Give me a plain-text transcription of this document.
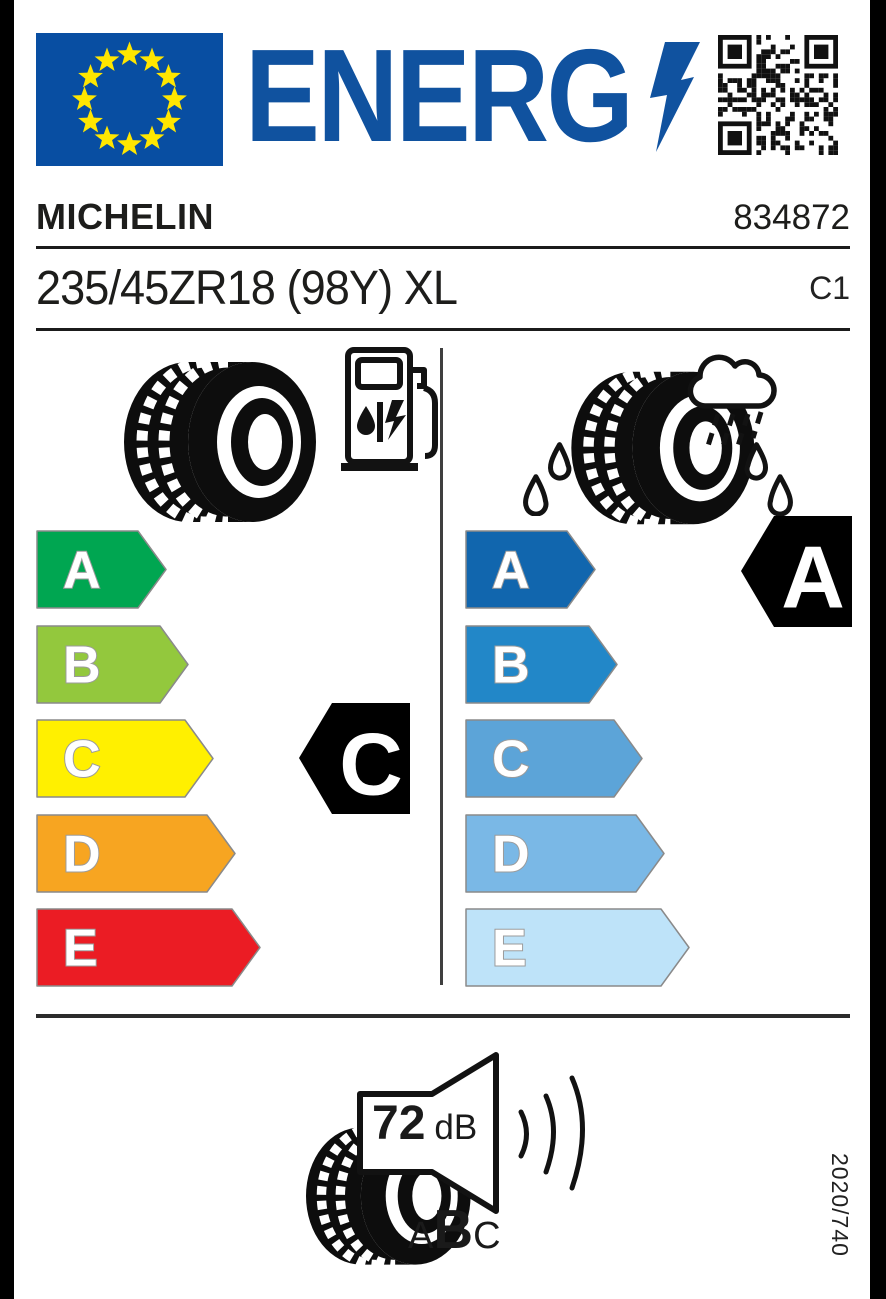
ENERG
MICHELIN	834872
235/45ZR18 (98Y) XL	C1
A
B
C
D
E
A
B
C
D
E
C
A
72 dB
A B C	2020/740
